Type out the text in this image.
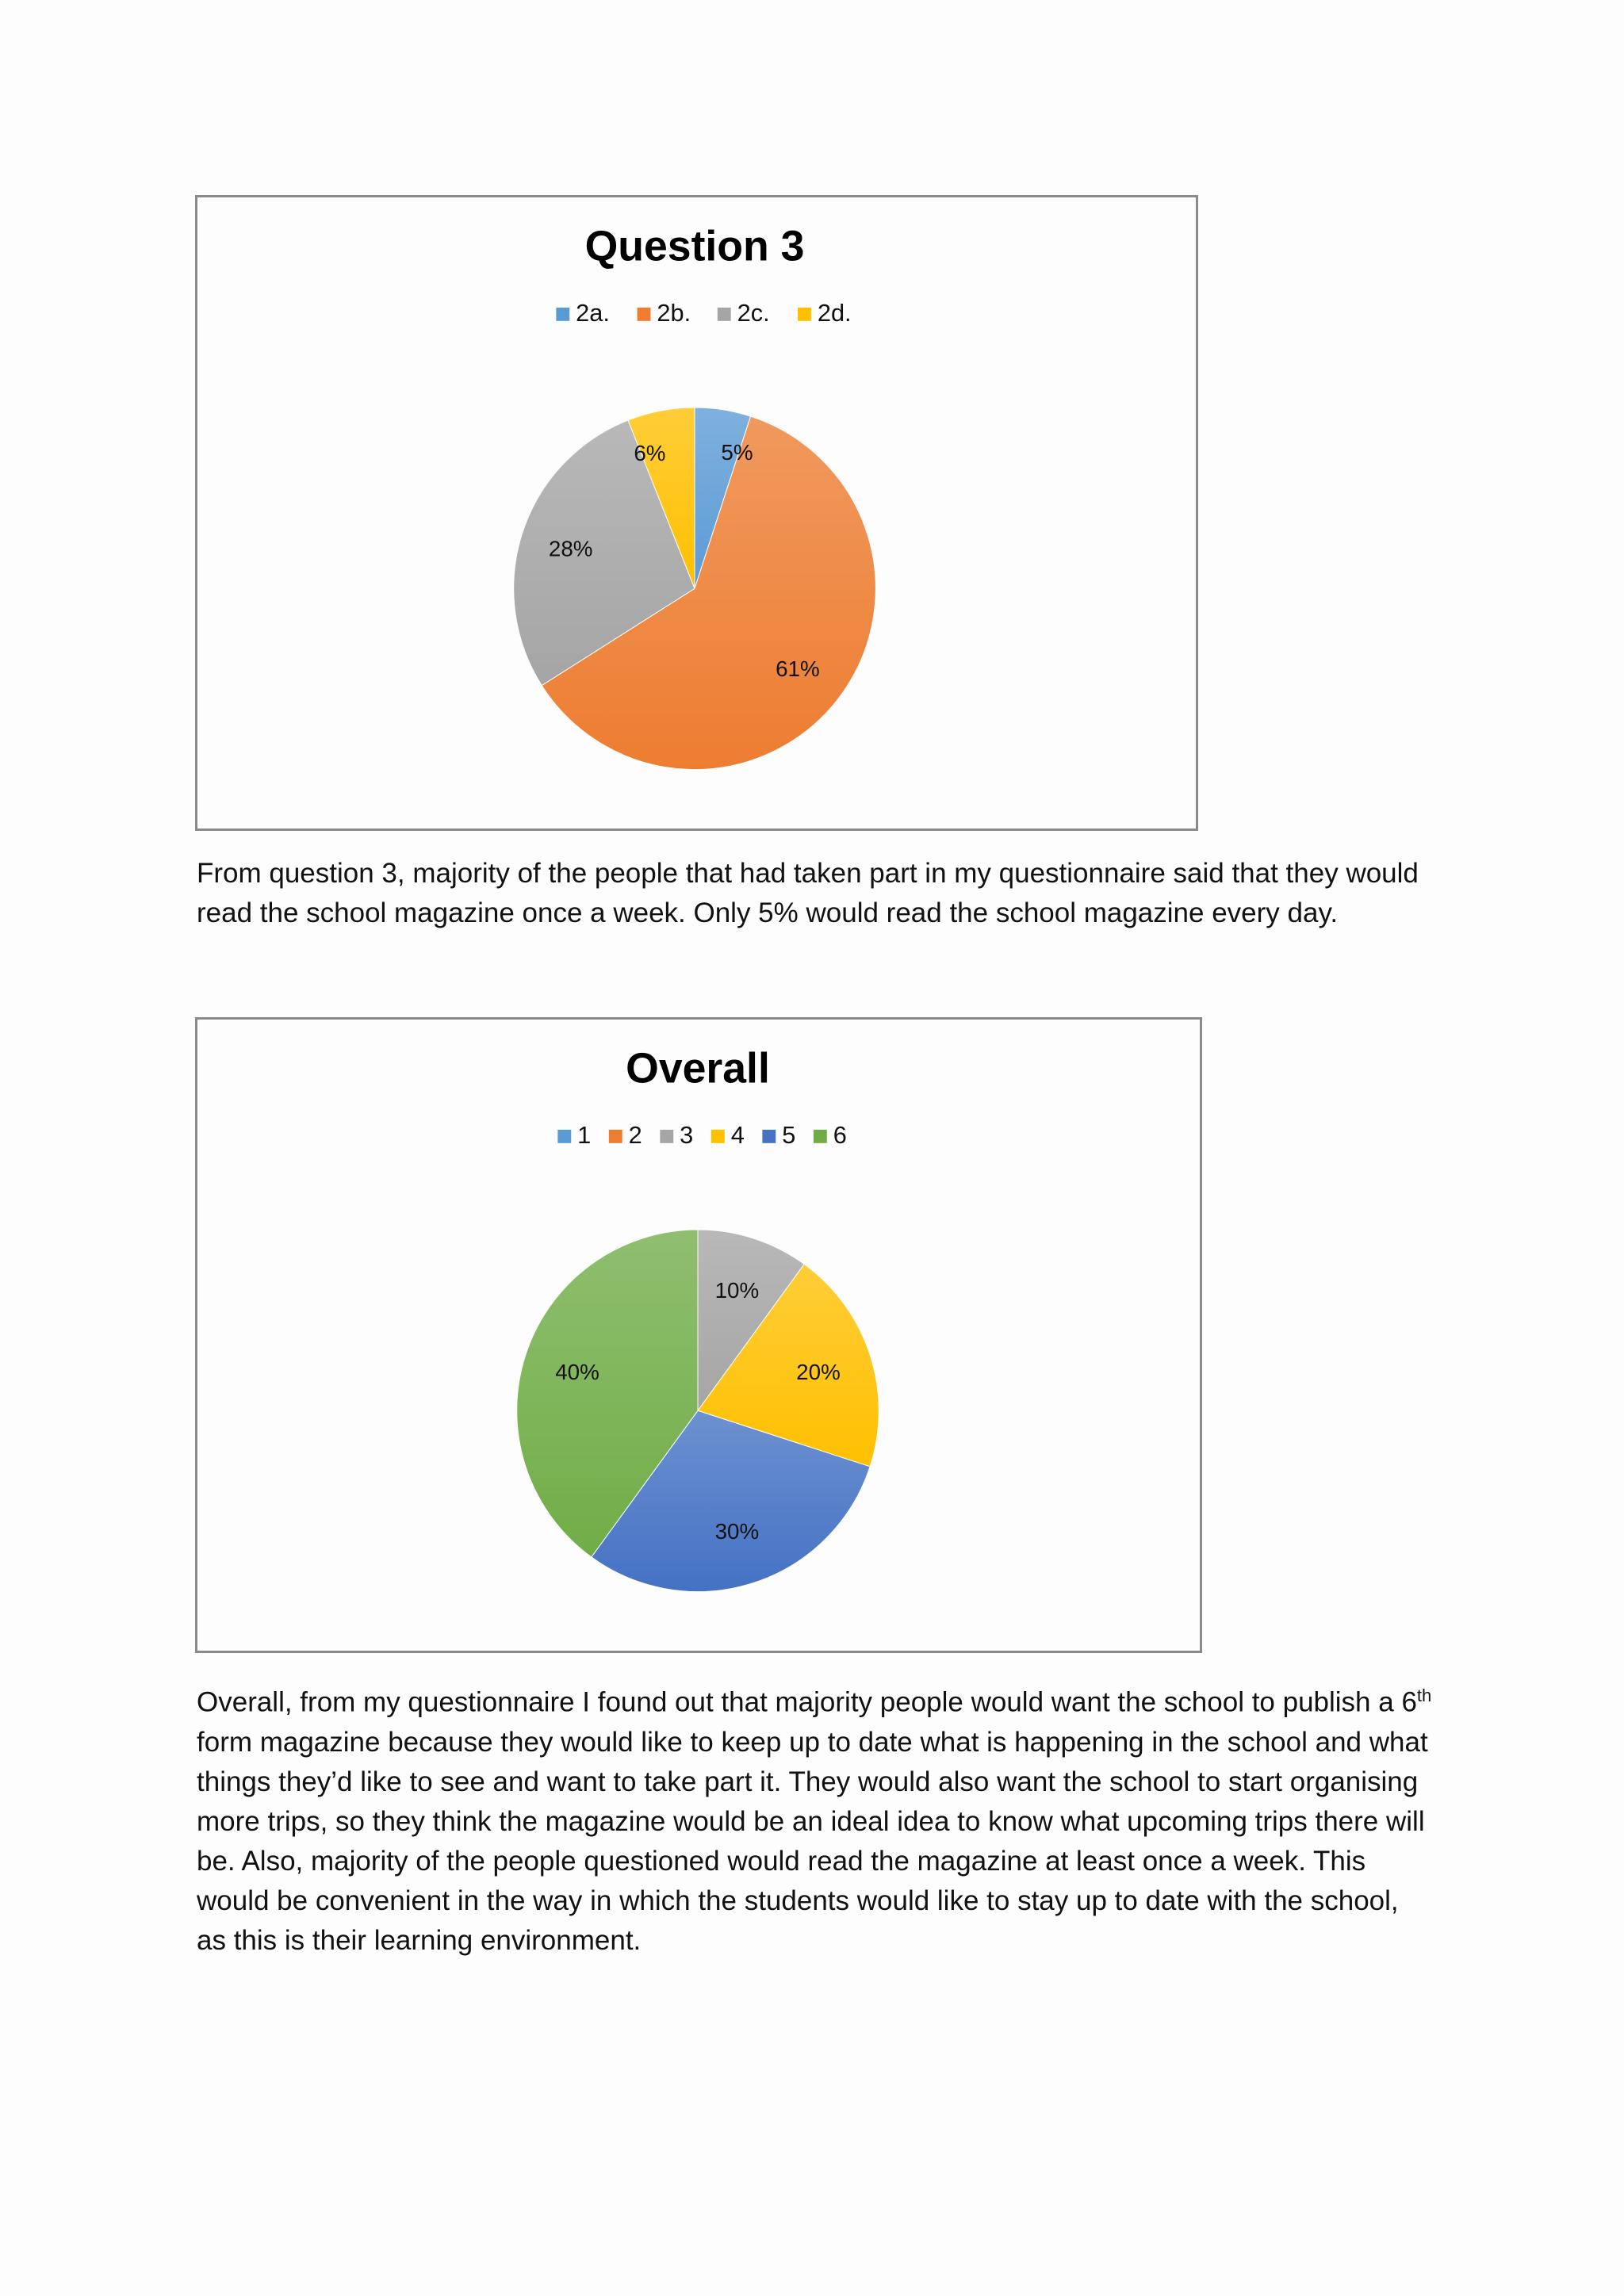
Question 3
2a. 2b. 2c. 2d.
5%
61%
28%
6%

From question 3, majority of the people that had taken part in my questionnaire said that they would read the school magazine once a week. Only 5% would read the school magazine every day.

Overall
1 2 3 4 5 6
10%
20%
30%
40%

Overall, from my questionnaire I found out that majority people would want the school to publish a 6th form magazine because they would like to keep up to date what is happening in the school and what things they’d like to see and want to take part it. They would also want the school to start organising more trips, so they think the magazine would be an ideal idea to know what upcoming trips there will be. Also, majority of the people questioned would read the magazine at least once a week. This would be convenient in the way in which the students would like to stay up to date with the school, as this is their learning environment.
